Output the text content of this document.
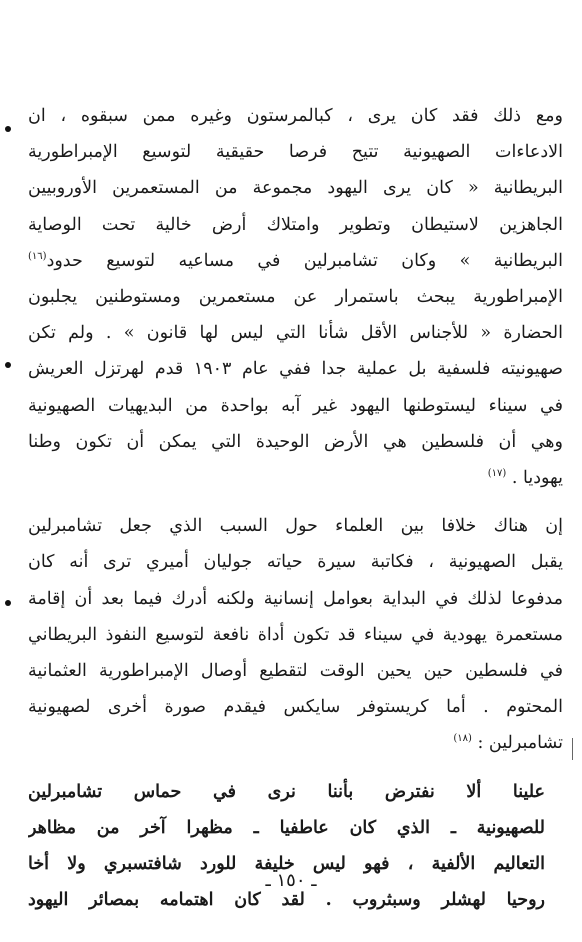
ومع ذلك فقد كان يرى ، كبالمرستون وغيره ممن سبقوه ، ان
الادعاءات الصهيونية تتيح فرصا حقيقية لتوسيع الإمبراطورية
البريطانية « كان يرى اليهود مجموعة من المستعمرين الأوروبيين
الجاهزين لاستيطان وتطوير وامتلاك أرض خالية تحت الوصاية
البريطانية » وكان تشامبرلين في مساعيه لتوسيع حدود$^{(١٦)}$
الإمبراطورية يبحث باستمرار عن مستعمرين ومستوطنين يجلبون
الحضارة « للأجناس الأقل شأنا التي ليس لها قانون » . ولم تكن
صهيونيته فلسفية بل عملية جدا ففي عام ١٩٠٣ قدم لهرتزل العريش
في سيناء ليستوطنها اليهود غير آبه بواحدة من البديهيات الصهيونية
وهي أن فلسطين هي الأرض الوحيدة التي يمكن أن تكون وطنا
يهوديا . $^{(١٧)}$
إن هناك خلافا بين العلماء حول السبب الذي جعل تشامبرلين
يقبل الصهيونية ، فكاتبة سيرة حياته جوليان أميري ترى أنه كان
مدفوعا لذلك في البداية بعوامل إنسانية ولكنه أدرك فيما بعد أن إقامة
مستعمرة يهودية في سيناء قد تكون أداة نافعة لتوسيع النفوذ البريطاني
في فلسطين حين يحين الوقت لتقطيع أوصال الإمبراطورية العثمانية
المحتوم . أما كريستوفر سايكس فيقدم صورة أخرى لصهيونية
تشامبرلين : $^{(١٨)}$
علينا ألا نفترض بأننا نرى في حماس تشامبرلين
للصهيونية ـ الذي كان عاطفيا ـ مظهرا آخر من مظاهر
التعاليم الألفية ، فهو ليس خليفة للورد شافتسبري ولا أخا
روحيا لهشلر وسبثروب . لقد كان اهتمامه بمصائر اليهود
ـ ١٥٠ ـ
